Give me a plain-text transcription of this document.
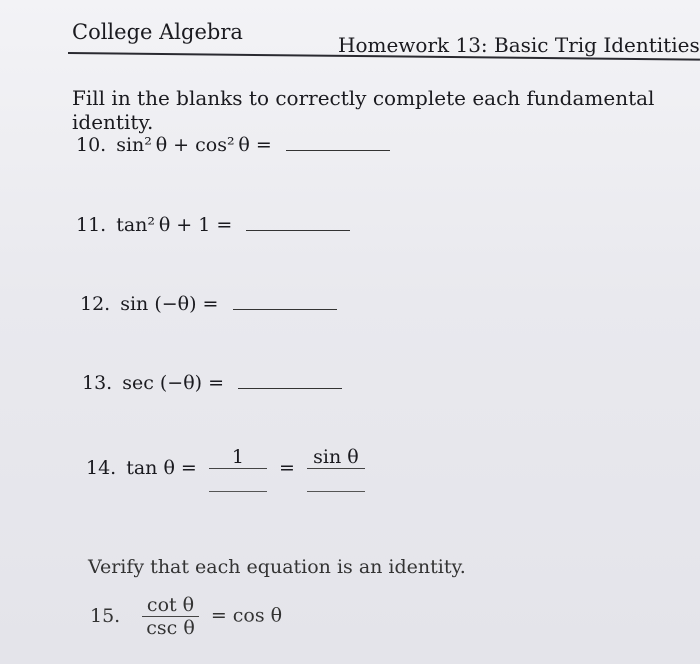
College Algebra
Homework 13: Basic Trig Identities
Fill in the blanks to correctly complete each fundamental identity.
10. sin² θ + cos² θ =
11. tan² θ + 1 =
12. sin (−θ) =
13. sec (−θ) =
14. tan θ =
1
=
sin θ
Verify that each equation is an identity.
15. $\frac{\text{cot θ}}{\text{csc θ}} = \cos \theta$
